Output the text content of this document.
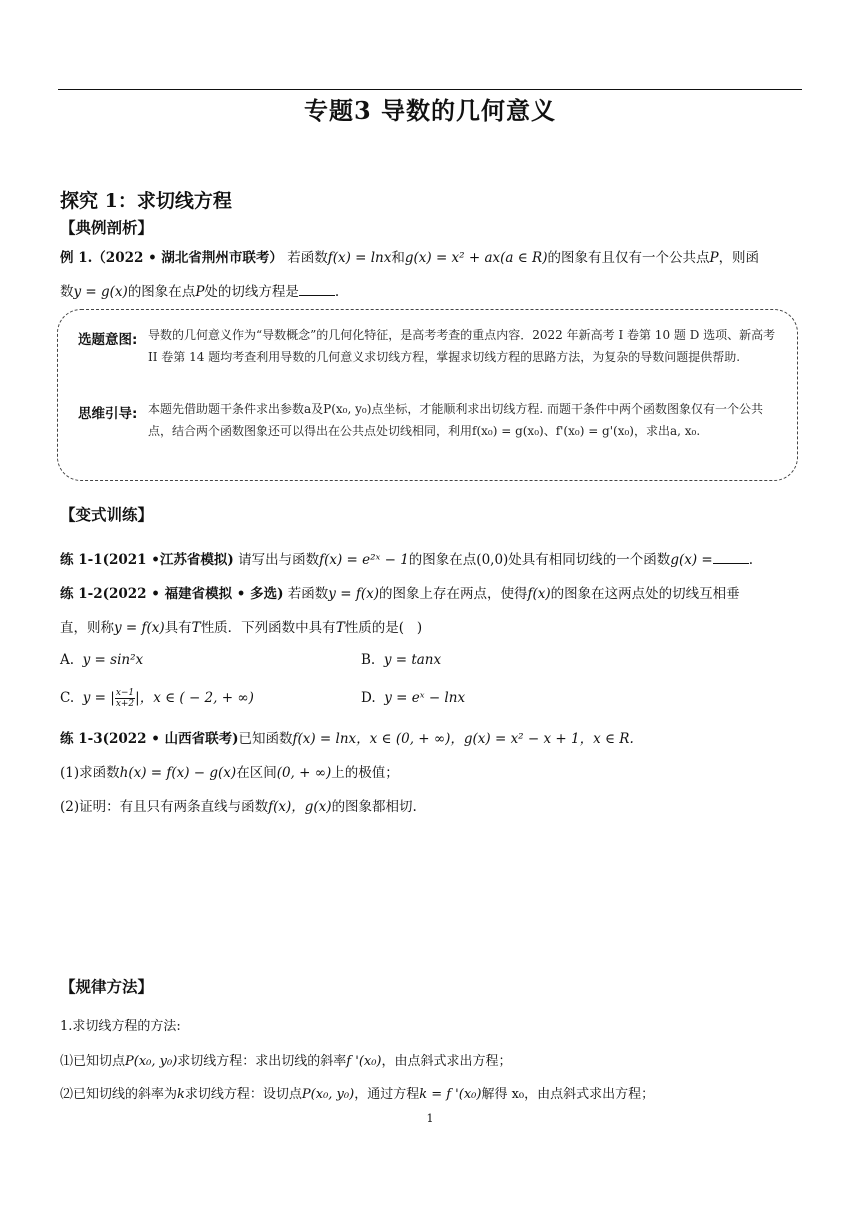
专题3 导数的几何意义
探究 1：求切线方程
【典例剖析】
例 1.（2022 • 湖北省荆州市联考） 若函数f(x) = lnx和g(x) = x² + ax(a ∈ R)的图象有且仅有一个公共点P，则函
数y = g(x)的图象在点P处的切线方程是	.
选题意图: 导数的几何意义作为“导数概念”的几何化特征，是高考考查的重点内容．2022 年新高考 I 卷第 10 题 D 选项、新高考 II 卷第 14 题均考查利用导数的几何意义求切线方程，掌握求切线方程的思路方法，为复杂的导数问题提供帮助.
思维引导: 本题先借助题干条件求出参数a及P(x₀, y₀)点坐标，才能顺利求出切线方程. 而题干条件中两个函数图象仅有一个公共点，结合两个函数图象还可以得出在公共点处切线相同，利用f(x₀) = g(x₀)、f'(x₀) = g'(x₀)，求出a, x₀.
【变式训练】
练 1-1(2021 •江苏省模拟) 请写出与函数f(x) = e²ˣ − 1的图象在点(0,0)处具有相同切线的一个函数g(x) =	.
练 1-2(2022 • 福建省模拟 • 多选) 若函数y = f(x)的图象上存在两点，使得f(x)的图象在这两点处的切线互相垂
直，则称y = f(x)具有T性质．下列函数中具有T性质的是( )
A. y = sin²x	B. y = tanx
C. y = | $\frac{x-1}{x+2}$ |，x ∈ ( − 2, + ∞)	D. y = eˣ − lnx
练 1-3(2022 • 山西省联考)已知函数f(x) = lnx，x ∈ (0, + ∞)，g(x) = x² − x + 1，x ∈ R.
(1)求函数h(x) = f(x) − g(x)在区间(0, + ∞)上的极值；
(2)证明：有且只有两条直线与函数f(x)，g(x)的图象都相切.
【规律方法】
1.求切线方程的方法:
⑴已知切点P(x₀, y₀)求切线方程：求出切线的斜率f '(x₀)，由点斜式求出方程；
⑵已知切线的斜率为k求切线方程：设切点P(x₀, y₀)，通过方程k = f '(x₀)解得 x₀，由点斜式求出方程；
1
